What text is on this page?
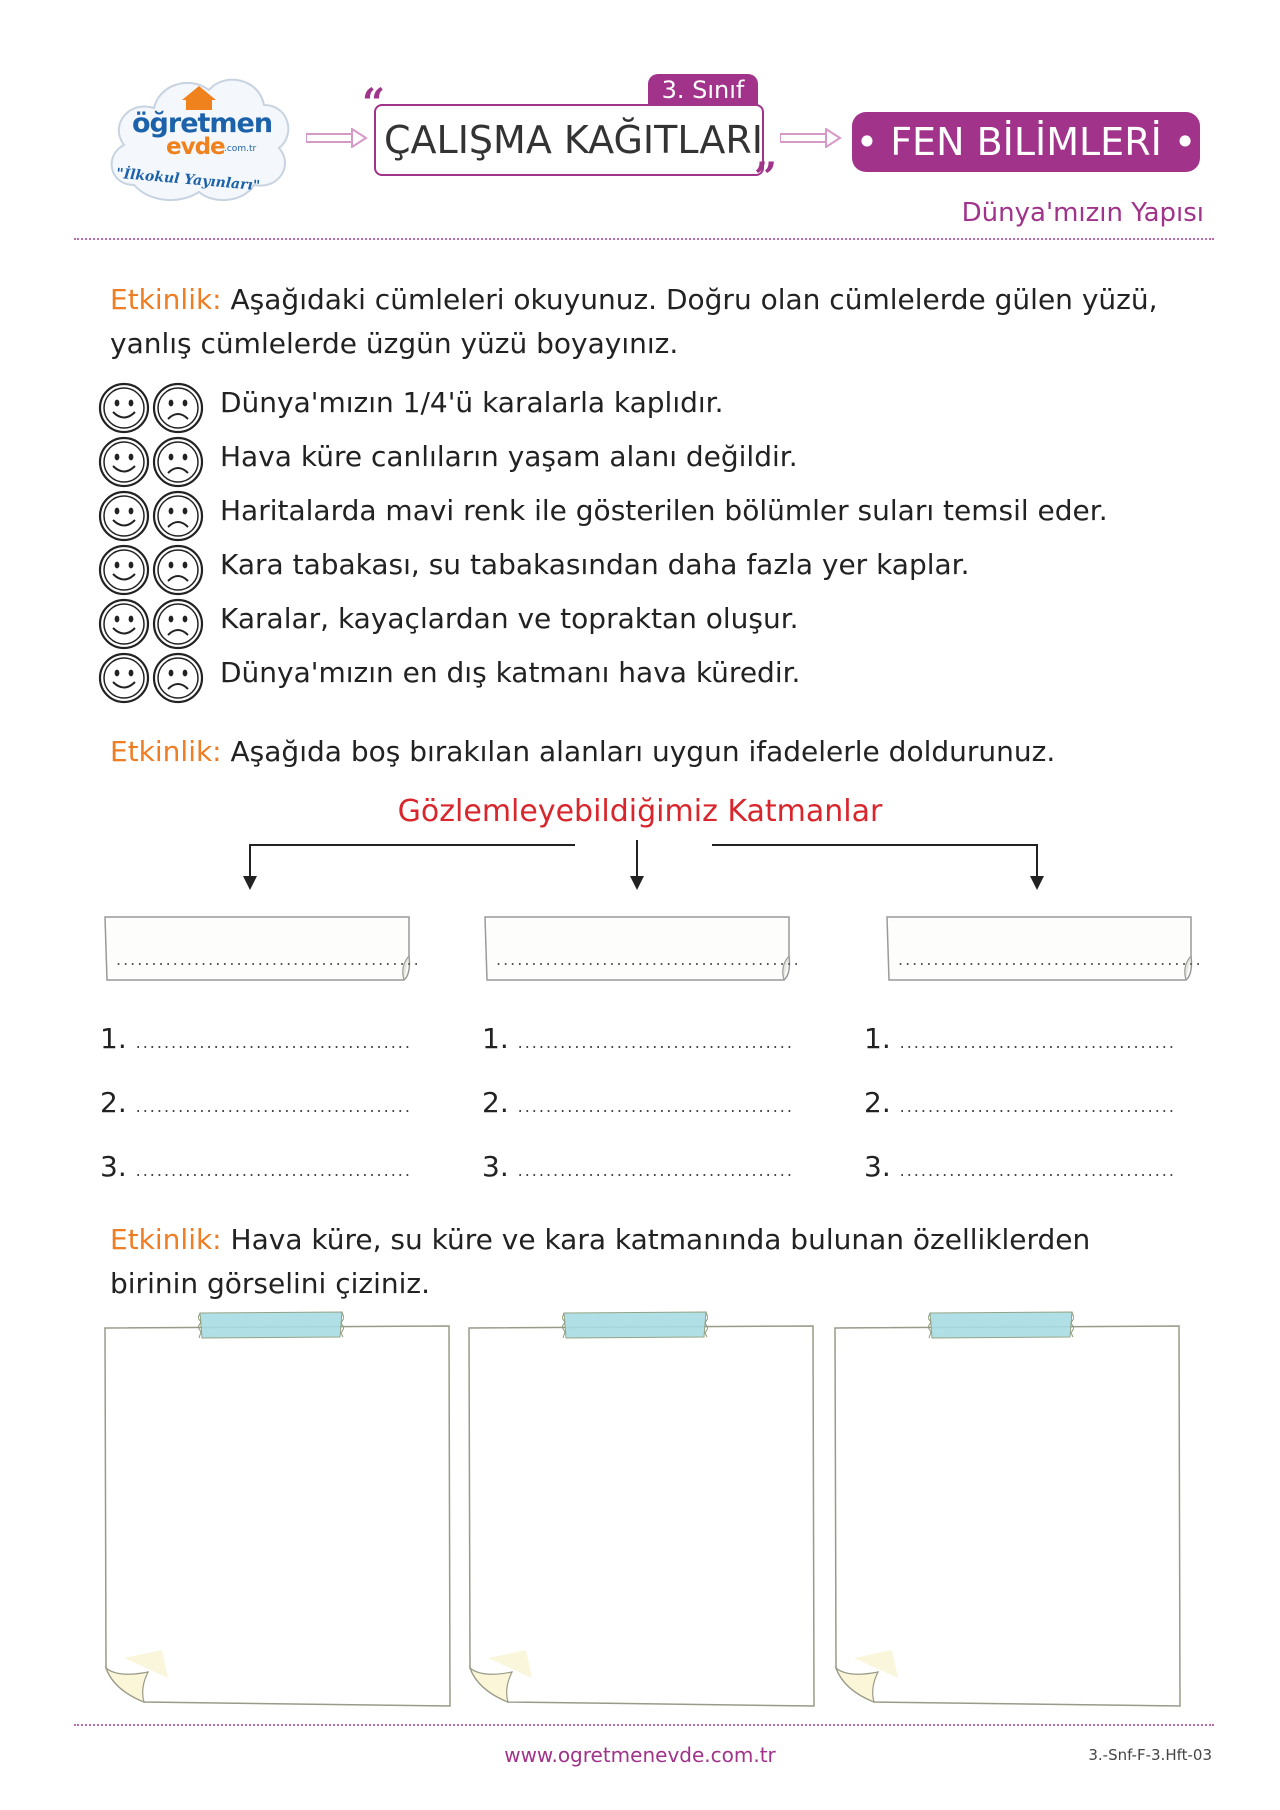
öğretmen
evde .com.tr
"İlkokul Yayınları"
“	3. Sınıf
ÇALIŞMA KAĞITLARI
”
• FEN BİLİMLERİ •
Dünya'mızın Yapısı
Etkinlik: Aşağıdaki cümleleri okuyunuz. Doğru olan cümlelerde gülen yüzü, yanlış cümlelerde üzgün yüzü boyayınız.
Dünya'mızın 1/4'ü karalarla kaplıdır.
Hava küre canlıların yaşam alanı değildir.
Haritalarda mavi renk ile gösterilen bölümler suları temsil eder.
Kara tabakası, su tabakasından daha fazla yer kaplar.
Karalar, kayaçlardan ve topraktan oluşur.
Dünya'mızın en dış katmanı hava küredir.
Etkinlik: Aşağıda boş bırakılan alanları uygun ifadelerle doldurunuz.
Gözlemleyebildiğimiz Katmanlar
...........................................	...........................................	...........................................
1. .......................................
2. .......................................
3. .......................................
1. .......................................
2. .......................................
3. .......................................
1. .......................................
2. .......................................
3. .......................................
Etkinlik: Hava küre, su küre ve kara katmanında bulunan özelliklerden birinin görselini çiziniz.
www.ogretmenevde.com.tr	3.-Snf-F-3.Hft-03
